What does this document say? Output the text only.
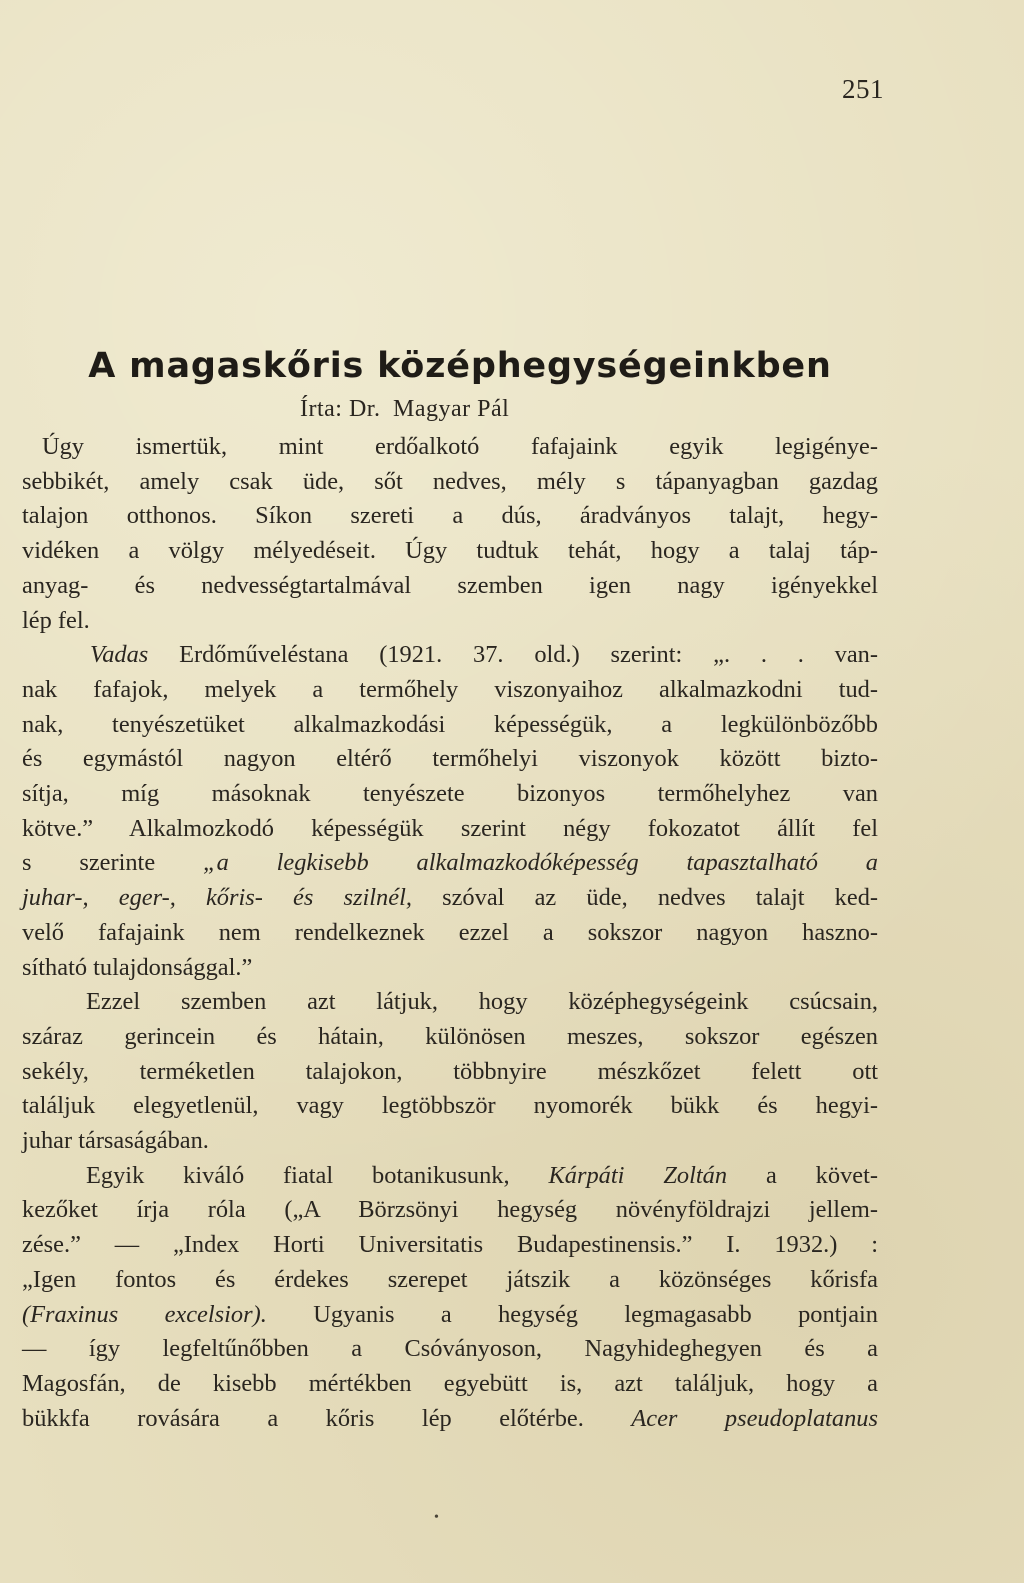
251
A magaskőris középhegységeinkben
Írta: Dr. Magyar Pál

Úgy ismertük, mint erdőalkotó fafajaink egyik legigénye-
sebbikét, amely csak üde, sőt nedves, mély s tápanyagban gazdag
talajon otthonos. Síkon szereti a dús, áradványos talajt, hegy-
vidéken a völgy mélyedéseit. Úgy tudtuk tehát, hogy a talaj táp-
anyag- és nedvességtartalmával szemben igen nagy igényekkel
lép fel.

Vadas Erdőműveléstana (1921. 37. old.) szerint: „. . . van-
nak fafajok, melyek a termőhely viszonyaihoz alkalmazkodni tud-
nak, tenyészetüket alkalmazkodási képességük, a legkülönbözőbb
és egymástól nagyon eltérő termőhelyi viszonyok között bizto-
sítja, míg másoknak tenyészete bizonyos termőhelyhez van
kötve.” Alkalmozkodó képességük szerint négy fokozatot állít fel
s szerinte „a legkisebb alkalmazkodóképesség tapasztalható a
juhar-, eger-, kőris- és szilnél, szóval az üde, nedves talajt ked-
velő fafajaink nem rendelkeznek ezzel a sokszor nagyon haszno-
sítható tulajdonsággal.”

Ezzel szemben azt látjuk, hogy középhegységeink csúcsain,
száraz gerincein és hátain, különösen meszes, sokszor egészen
sekély, terméketlen talajokon, többnyire mészkőzet felett ott
találjuk elegyetlenül, vagy legtöbbször nyomorék bükk és hegyi-
juhar társaságában.

Egyik kiváló fiatal botanikusunk, Kárpáti Zoltán a követ-
kezőket írja róla („A Börzsönyi hegység növényföldrajzi jellem-
zése.” — „Index Horti Universitatis Budapestinensis.” I. 1932.) :
„Igen fontos és érdekes szerepet játszik a közönséges kőrisfa
(Fraxinus excelsior). Ugyanis a hegység legmagasabb pontjain
— így legfeltűnőbben a Csóványoson, Nagyhideghegyen és a
Magosfán, de kisebb mértékben egyebütt is, azt találjuk, hogy a
bükkfa rovására a kőris lép előtérbe. Acer pseudoplatanus

•
